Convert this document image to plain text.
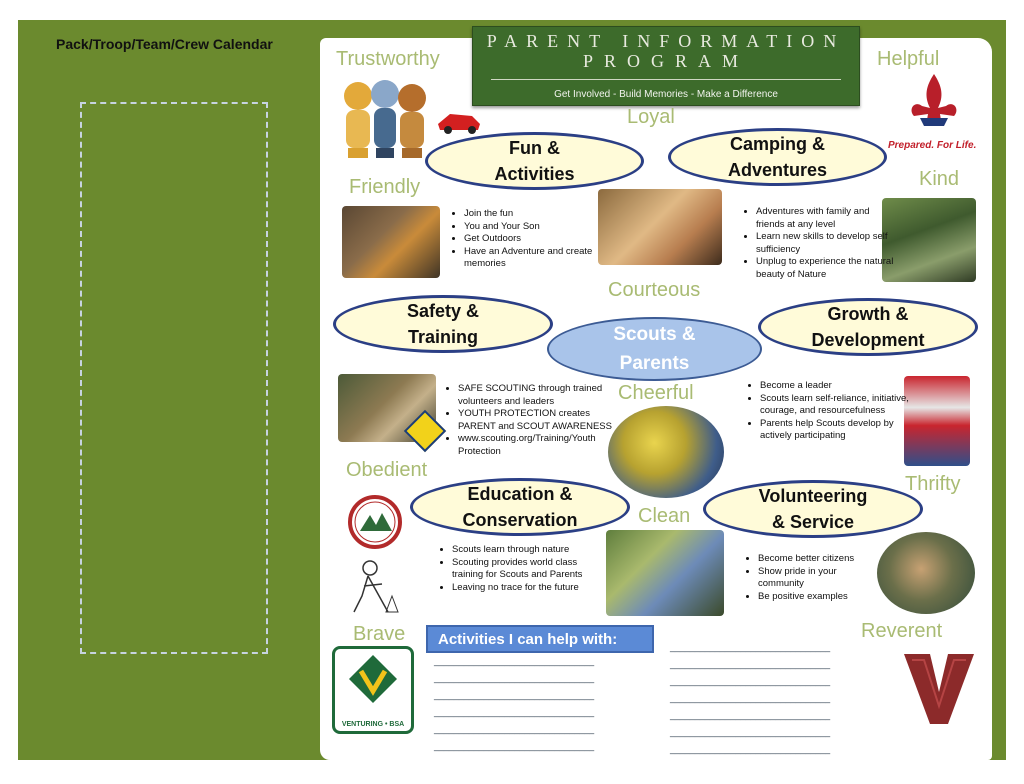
Pack/Troop/Team/Crew Calendar	PARENT INFORMATION
PROGRAM
Get Involved - Build Memories - Make a Difference
Trustworthy
Loyal
Helpful
Friendly
Courteous
Kind
Obedient
Cheerful
Thrifty
Brave
Clean
Reverent
Prepared. For Life.
Fun &
Activities
Camping &
Adventures
Safety &
Training
Growth &
Development
Scouts &
Parents
Education &
Conservation
Volunteering
& Service
VENTURING • BSA
• Join the fun
• You and Your Son
• Get Outdoors
• Have an Adventure and create memories
• Adventures with family and friends at any level
• Learn new skills to develop self sufficiency
• Unplug to experience the natural beauty of Nature
• SAFE SCOUTING through trained volunteers and leaders
• YOUTH PROTECTION creates PARENT and SCOUT AWARENESS
• www.scouting.org/Training/Youth Protection
• Become a leader
• Scouts learn self-reliance, initiative, courage, and resourcefulness
• Parents help Scouts develop by actively participating
• Scouts learn through nature
• Scouting provides world class training for Scouts and Parents
• Leaving no trace for the future
• Become better citizens
• Show pride in your community
• Be positive examples
Activities I can help with:
________________________________
________________________________
________________________________
________________________________
________________________________
________________________________
________________________________
________________________________
________________________________
________________________________
________________________________
________________________________
________________________________
